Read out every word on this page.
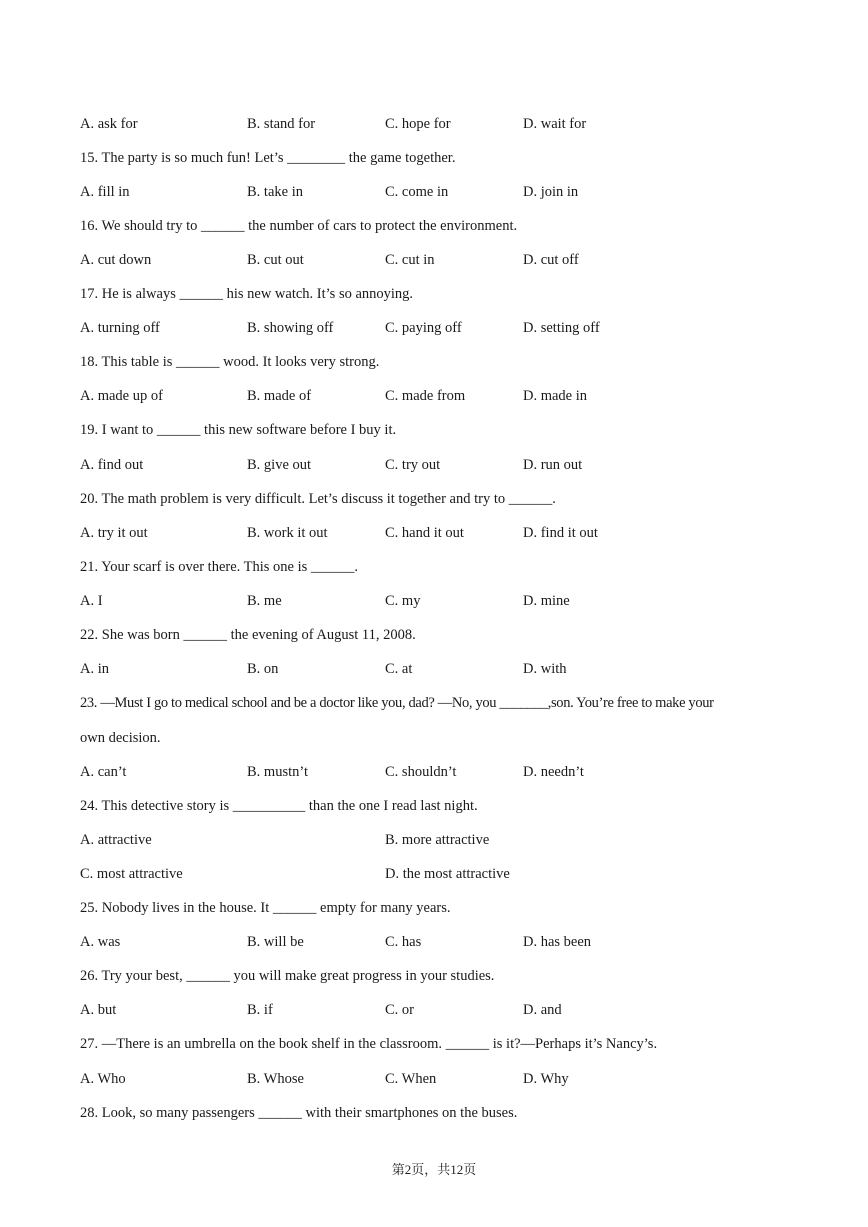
A. ask for	B. stand for	C. hope for	D. wait for
15. The party is so much fun! Let’s ________ the game together.
A. fill in	B. take in	C. come in	D. join in
16. We should try to ______ the number of cars to protect the environment.
A. cut down	B. cut out	C. cut in	D. cut off
17. He is always ______ his new watch. It’s so annoying.
A. turning off	B. showing off	C. paying off	D. setting off
18. This table is ______ wood. It looks very strong.
A. made up of	B. made of	C. made from	D. made in
19. I want to ______ this new software before I buy it.
A. find out	B. give out	C. try out	D. run out
20. The math problem is very difficult. Let’s discuss it together and try to ______.
A. try it out	B. work it out	C. hand it out	D. find it out
21. Your scarf is over there. This one is ______.
A. I	B. me	C. my	D. mine
22. She was born ______ the evening of August 11, 2008.
A. in	B. on	C. at	D. with
23. —Must I go to medical school and be a doctor like you, dad? —No, you _______,son. You’re free to make your
own decision.
A. can’t	B. mustn’t	C. shouldn’t	D. needn’t
24. This detective story is __________ than the one I read last night.
A. attractive	B. more attractive
C. most attractive	D. the most attractive
25. Nobody lives in the house. It ______ empty for many years.
A. was	B. will be	C. has	D. has been
26. Try your best, ______ you will make great progress in your studies.
A. but	B. if	C. or	D. and
27. —There is an umbrella on the book shelf in the classroom. ______ is it?—Perhaps it’s Nancy’s.
A. Who	B. Whose	C. When	D. Why
28. Look, so many passengers ______ with their smartphones on the buses.
第2页，共12页
